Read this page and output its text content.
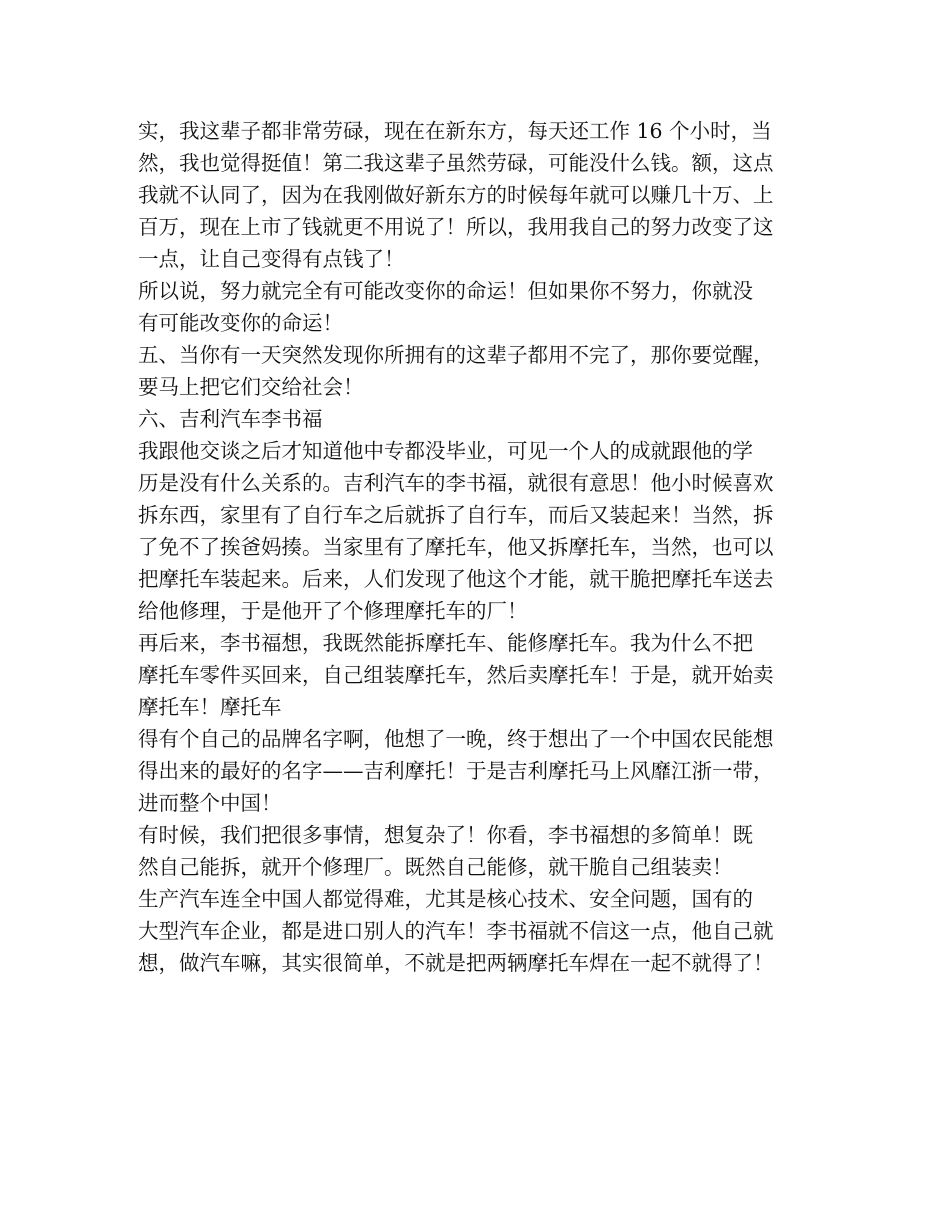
实，我这辈子都非常劳碌，现在在新东方，每天还工作 16 个小时，当
然，我也觉得挺值！第二我这辈子虽然劳碌，可能没什么钱。额，这点
我就不认同了，因为在我刚做好新东方的时候每年就可以赚几十万、上
百万，现在上市了钱就更不用说了！所以，我用我自己的努力改变了这
一点，让自己变得有点钱了！
所以说，努力就完全有可能改变你的命运！但如果你不努力，你就没
有可能改变你的命运！
五、当你有一天突然发现你所拥有的这辈子都用不完了，那你要觉醒，
要马上把它们交给社会！
六、吉利汽车李书福
我跟他交谈之后才知道他中专都没毕业，可见一个人的成就跟他的学
历是没有什么关系的。吉利汽车的李书福，就很有意思！他小时候喜欢
拆东西，家里有了自行车之后就拆了自行车，而后又装起来！当然，拆
了免不了挨爸妈揍。当家里有了摩托车，他又拆摩托车，当然，也可以
把摩托车装起来。后来，人们发现了他这个才能，就干脆把摩托车送去
给他修理，于是他开了个修理摩托车的厂！
再后来，李书福想，我既然能拆摩托车、能修摩托车。我为什么不把
摩托车零件买回来，自己组装摩托车，然后卖摩托车！于是，就开始卖
摩托车！摩托车
得有个自己的品牌名字啊，他想了一晚，终于想出了一个中国农民能想
得出来的最好的名字——吉利摩托！于是吉利摩托马上风靡江浙一带，
进而整个中国！
有时候，我们把很多事情，想复杂了！你看，李书福想的多简单！既
然自己能拆，就开个修理厂。既然自己能修，就干脆自己组装卖！
生产汽车连全中国人都觉得难，尤其是核心技术、安全问题，国有的
大型汽车企业，都是进口别人的汽车！李书福就不信这一点，他自己就
想，做汽车嘛，其实很简单，不就是把两辆摩托车焊在一起不就得了！
